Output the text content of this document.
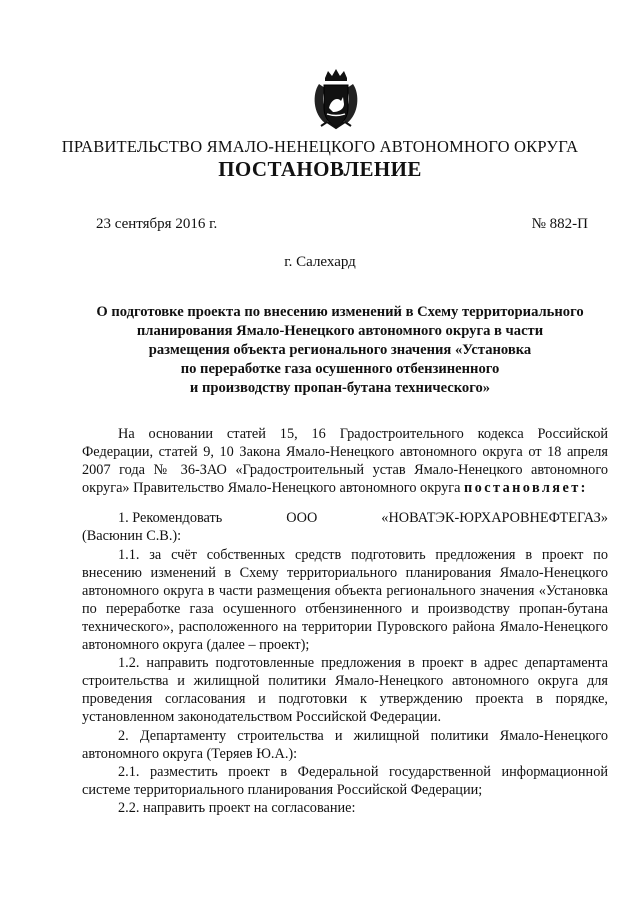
ПРАВИТЕЛЬСТВО ЯМАЛО-НЕНЕЦКОГО АВТОНОМНОГО ОКРУГА
ПОСТАНОВЛЕНИЕ
23 сентября 2016 г.	№ 882-П
г. Салехард
О подготовке проекта по внесению изменений в Схему территориального
планирования Ямало-Ненецкого автономного округа в части
размещения объекта регионального значения «Установка
по переработке газа осушенного отбензиненного
и производству пропан-бутана технического»

На основании статей 15, 16 Градостроительного кодекса Российской Федерации, статей 9, 10 Закона Ямало-Ненецкого автономного округа от 18 апреля 2007 года № 36-ЗАО «Градостроительный устав Ямало-Ненецкого автономного округа» Правительство Ямало-Ненецкого автономного округа постановляет:

1. Рекомендовать	ООО	«НОВАТЭК-ЮРХАРОВНЕФТЕГАЗ»

(Васюнин С.В.):

1.1. за счёт собственных средств подготовить предложения в проект по внесению изменений в Схему территориального планирования Ямало-Ненецкого автономного округа в части размещения объекта регионального значения «Установка по переработке газа осушенного отбензиненного и производству пропан-бутана технического», расположенного на территории Пуровского района Ямало-Ненецкого автономного округа (далее – проект);

1.2. направить подготовленные предложения в проект в адрес департамента строительства и жилищной политики Ямало-Ненецкого автономного округа для проведения согласования и подготовки к утверждению проекта в порядке, установленном законодательством Российской Федерации.

2. Департаменту строительства и жилищной политики Ямало-Ненецкого автономного округа (Теряев Ю.А.):

2.1. разместить проект в Федеральной государственной информационной системе территориального планирования Российской Федерации;

2.2. направить проект на согласование:
